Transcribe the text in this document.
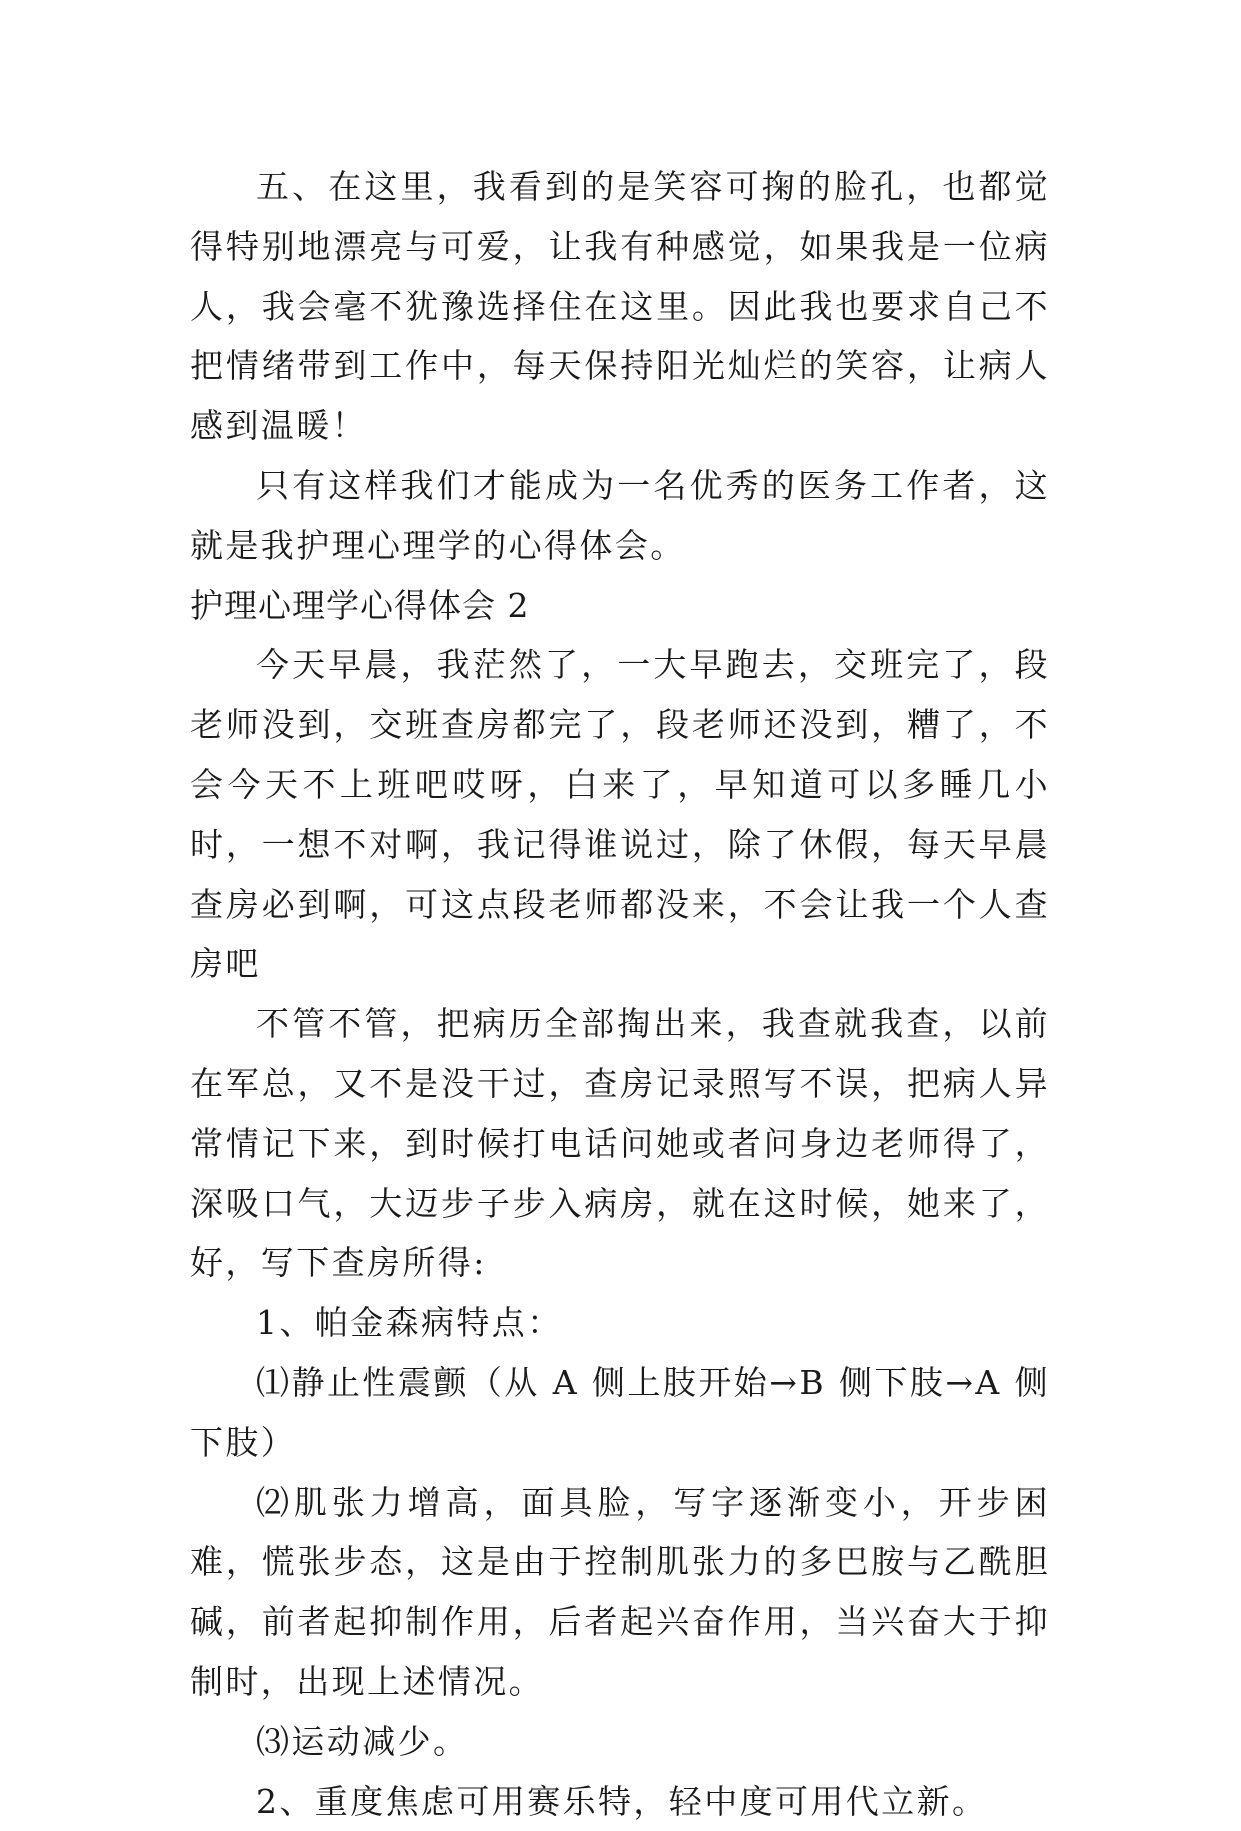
五、在这里，我看到的是笑容可掬的脸孔，也都觉得特别地漂亮与可爱，让我有种感觉，如果我是一位病人，我会毫不犹豫选择住在这里。因此我也要求自己不把情绪带到工作中，每天保持阳光灿烂的笑容，让病人感到温暖！

只有这样我们才能成为一名优秀的医务工作者，这就是我护理心理学的心得体会。

护理心理学心得体会 2

今天早晨，我茫然了，一大早跑去，交班完了，段老师没到，交班查房都完了，段老师还没到，糟了，不会今天不上班吧哎呀，白来了，早知道可以多睡几小时，一想不对啊，我记得谁说过，除了休假，每天早晨查房必到啊，可这点段老师都没来，不会让我一个人查房吧

不管不管，把病历全部掏出来，我查就我查，以前在军总，又不是没干过，查房记录照写不误，把病人异常情记下来，到时候打电话问她或者问身边老师得了，深吸口气，大迈步子步入病房，就在这时候，她来了，好，写下查房所得:

1、帕金森病特点：

⑴静止性震颤（从 A 侧上肢开始→B 侧下肢→A 侧下肢）

⑵肌张力增高，面具脸，写字逐渐变小，开步困难，慌张步态，这是由于控制肌张力的多巴胺与乙酰胆碱，前者起抑制作用，后者起兴奋作用，当兴奋大于抑制时，出现上述情况。

⑶运动减少。

2、重度焦虑可用赛乐特，轻中度可用代立新。
